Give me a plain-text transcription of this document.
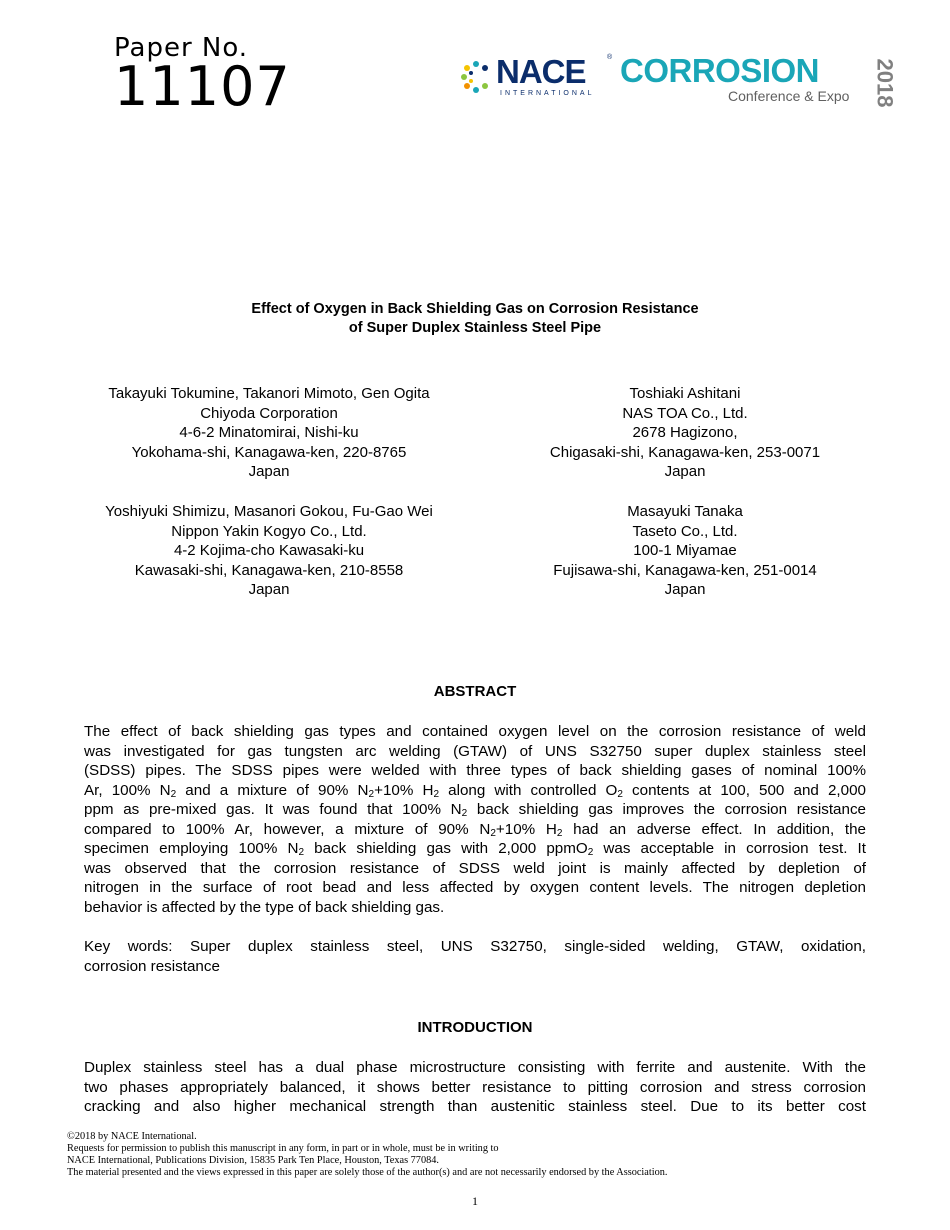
Paper No.
11107	NACE	®
INTERNATIONAL
CORROSION
Conference & Expo 2018
Effect of Oxygen in Back Shielding Gas on Corrosion Resistance
of Super Duplex Stainless Steel Pipe
Takayuki Tokumine, Takanori Mimoto, Gen Ogita
Chiyoda Corporation
4-6-2 Minatomirai, Nishi-ku
Yokohama-shi, Kanagawa-ken, 220-8765
Japan
Toshiaki Ashitani
NAS TOA Co., Ltd.
2678 Hagizono,
Chigasaki-shi, Kanagawa-ken, 253-0071
Japan
Yoshiyuki Shimizu, Masanori Gokou, Fu-Gao Wei
Nippon Yakin Kogyo Co., Ltd.
4-2 Kojima-cho Kawasaki-ku
Kawasaki-shi, Kanagawa-ken, 210-8558
Japan
Masayuki Tanaka
Taseto Co., Ltd.
100-1 Miyamae
Fujisawa-shi, Kanagawa-ken, 251-0014
Japan
ABSTRACT
The effect of back shielding gas types and contained oxygen level on the corrosion resistance of weld
was investigated for gas tungsten arc welding (GTAW) of UNS S32750 super duplex stainless steel
(SDSS) pipes. The SDSS pipes were welded with three types of back shielding gases of nominal 100%
Ar, 100% $N_2$ and a mixture of 90% $N_2+10\%$ $H_2$ along with controlled $O_2$ contents at 100, 500 and 2,000
ppm as pre-mixed gas. It was found that 100% $N_2$ back shielding gas improves the corrosion resistance
compared to 100% Ar, however, a mixture of 90% $N_2+10\%$ $H_2$ had an adverse effect. In addition, the
specimen employing 100% $N_2$ back shielding gas with 2,000 ppmO$_2$ was acceptable in corrosion test. It
was observed that the corrosion resistance of SDSS weld joint is mainly affected by depletion of
nitrogen in the surface of root bead and less affected by oxygen content levels. The nitrogen depletion
behavior is affected by the type of back shielding gas.
Key words: Super duplex stainless steel, UNS S32750, single-sided welding, GTAW, oxidation,
corrosion resistance
INTRODUCTION
Duplex stainless steel has a dual phase microstructure consisting with ferrite and austenite. With the
two phases appropriately balanced, it shows better resistance to pitting corrosion and stress corrosion
cracking and also higher mechanical strength than austenitic stainless steel. Due to its better cost
©2018 by NACE International.
Requests for permission to publish this manuscript in any form, in part or in whole, must be in writing to
NACE International, Publications Division, 15835 Park Ten Place, Houston, Texas 77084.
The material presented and the views expressed in this paper are solely those of the author(s) and are not necessarily endorsed by the Association.
1
